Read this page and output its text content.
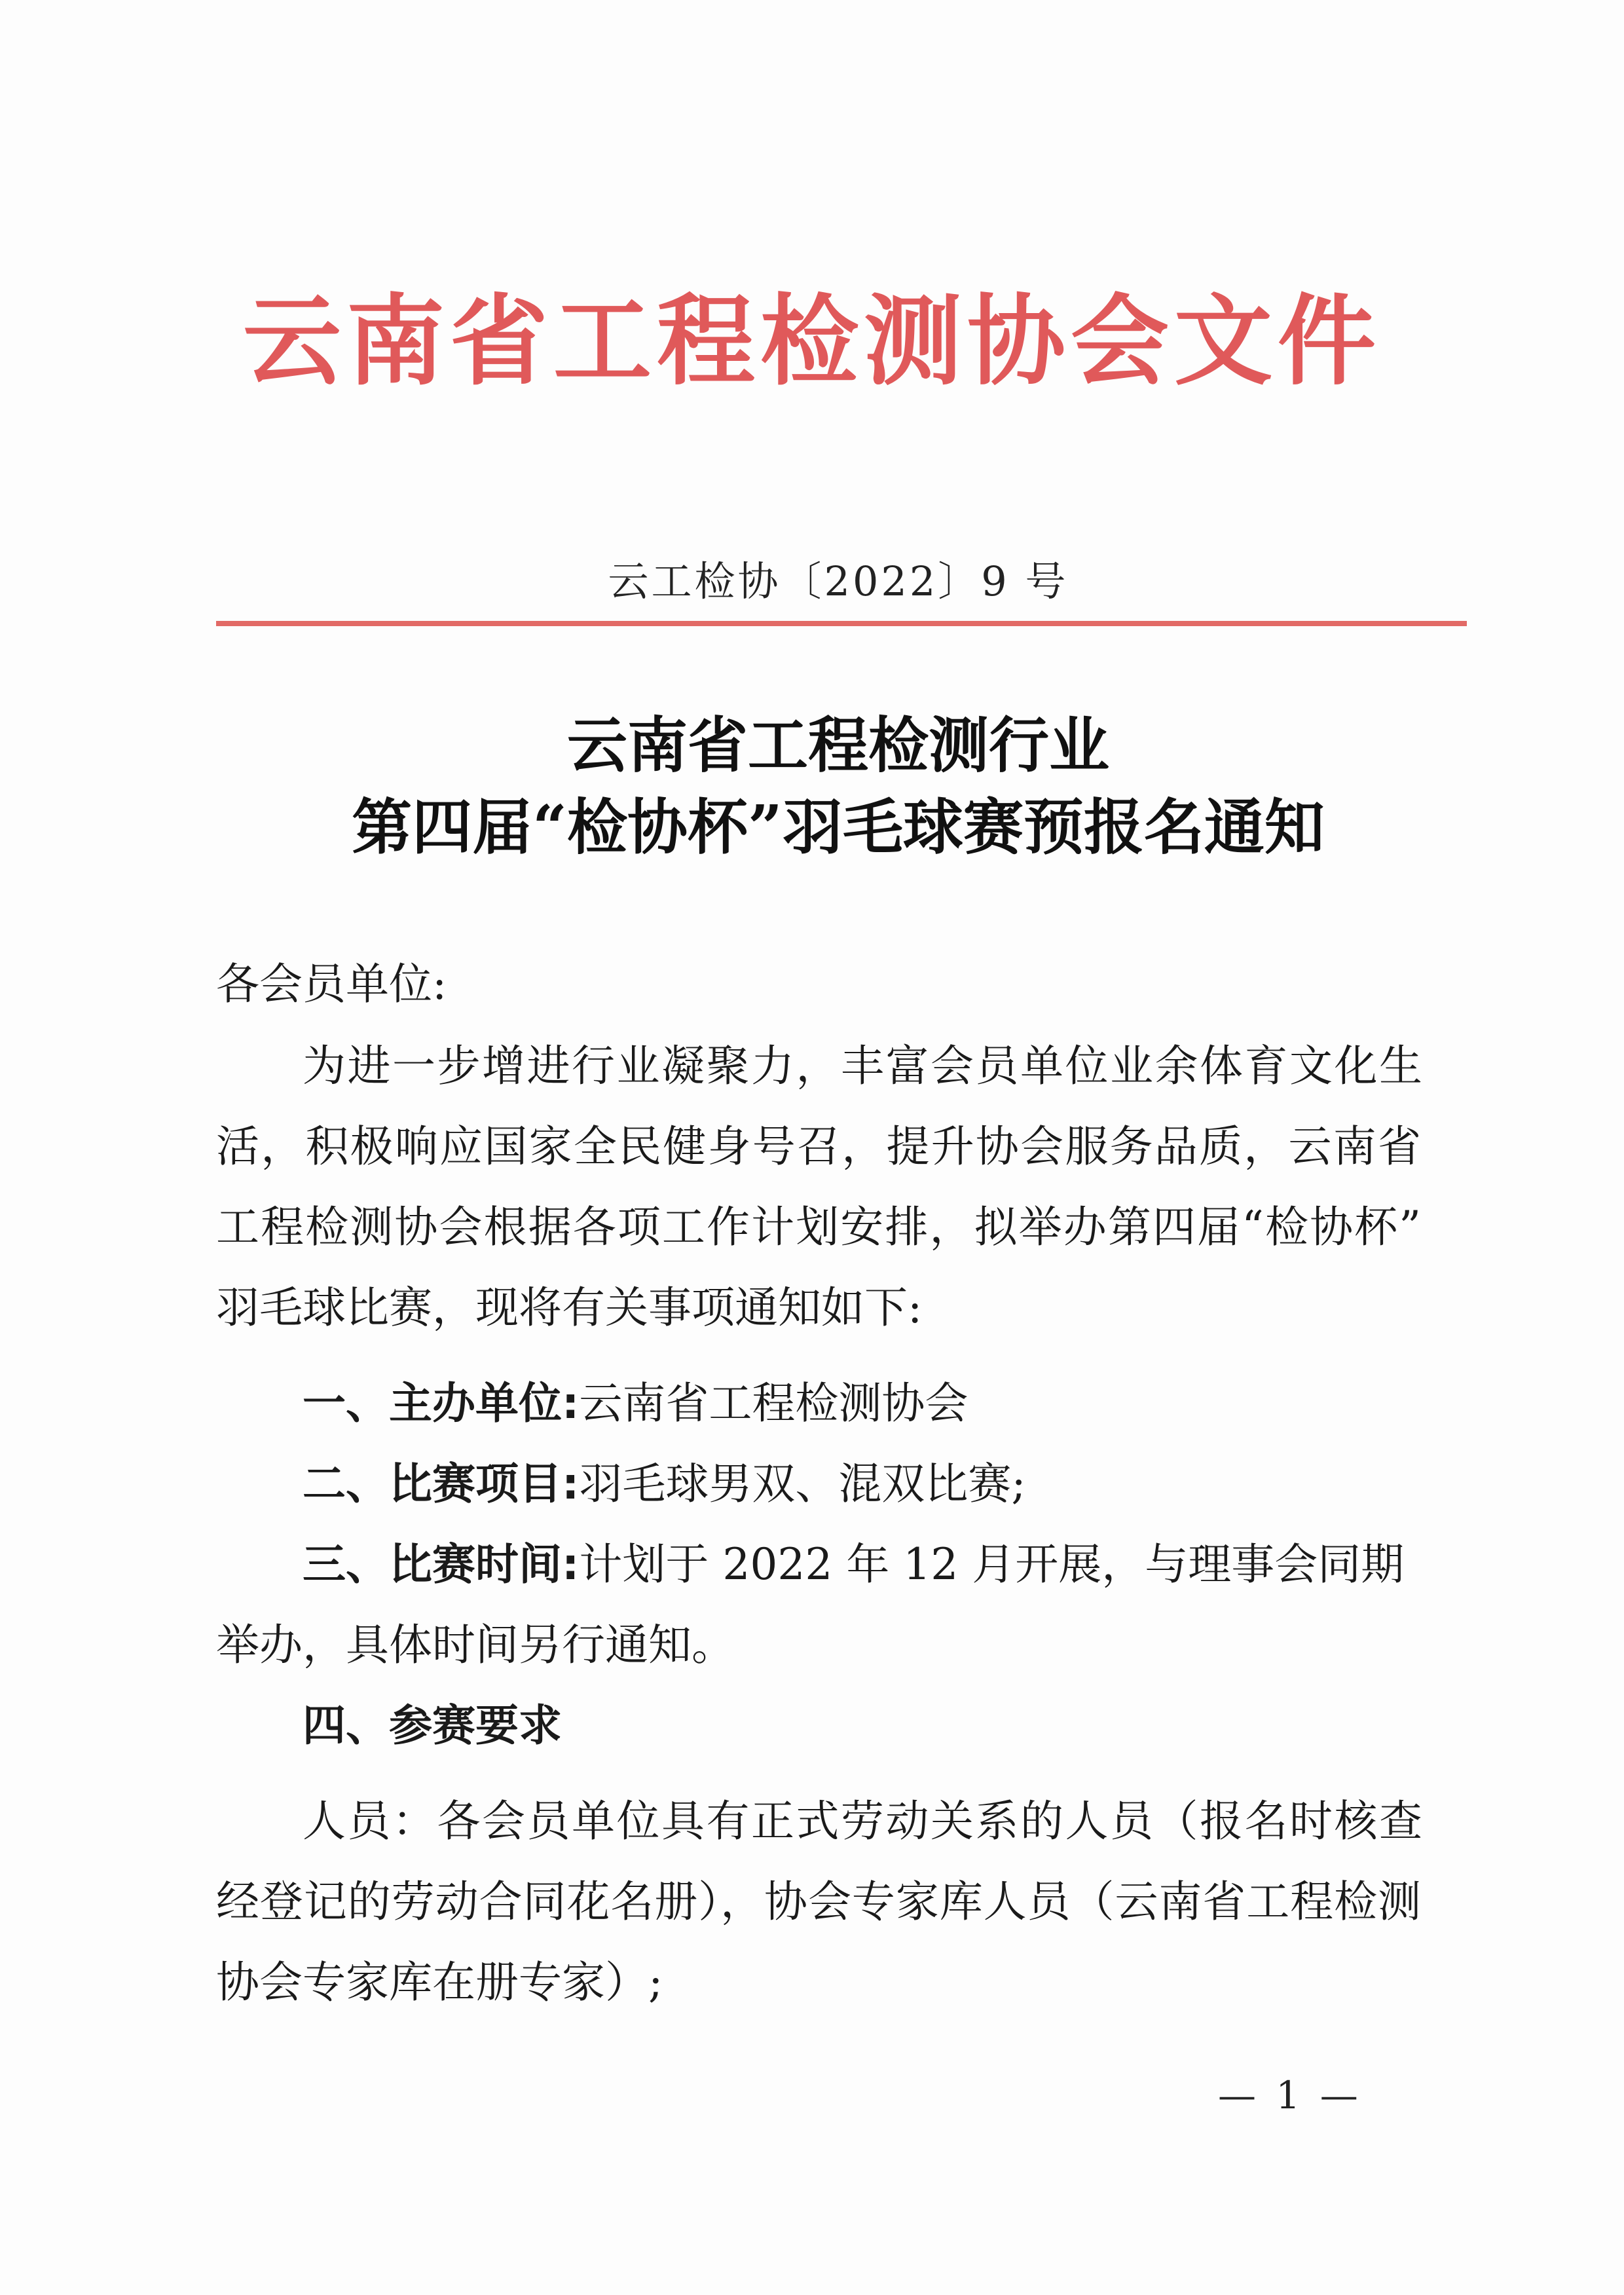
云南省工程检测协会文件
云工检协〔2022〕9 号
云南省工程检测行业
第四届“检协杯”羽毛球赛预报名通知
各会员单位:
为进一步增进行业凝聚力，丰富会员单位业余体育文化生
活，积极响应国家全民健身号召，提升协会服务品质，云南省
工程检测协会根据各项工作计划安排，拟举办第四届“检协杯”
羽毛球比赛，现将有关事项通知如下:
一、主办单位:云南省工程检测协会
二、比赛项目:羽毛球男双、混双比赛;
三、比赛时间:计划于 2022 年 12 月开展，与理事会同期
举办，具体时间另行通知。
四、参赛要求
人员：各会员单位具有正式劳动关系的人员（报名时核查
经登记的劳动合同花名册），协会专家库人员（云南省工程检测
协会专家库在册专家）;
— 1 —
